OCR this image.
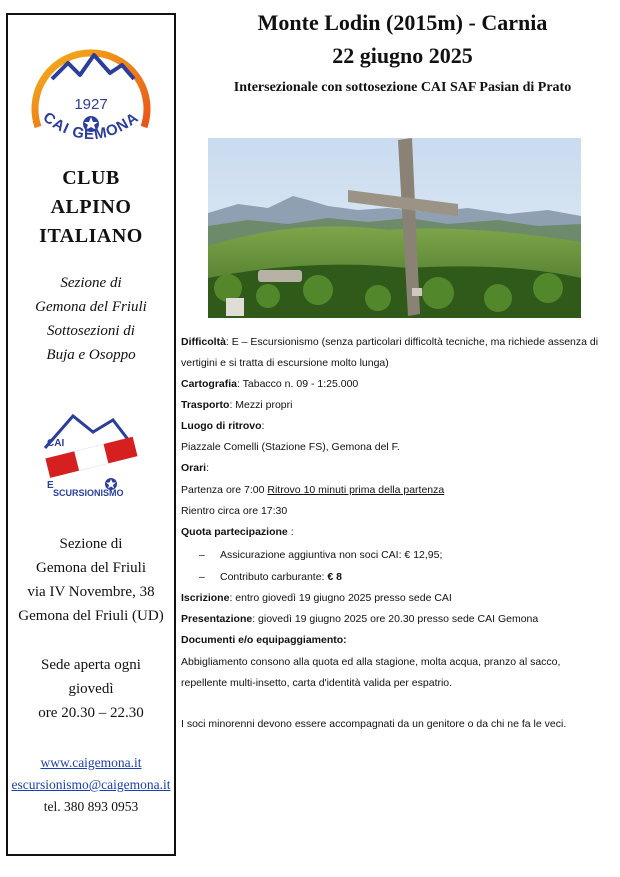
1927
CAI GEMONA
CLUB
ALPINO
ITALIANO
Sezione di
Gemona del Friuli
Sottosezioni di
Buja e Osoppo
CAI
E
SCURSIONISMO
Sezione di
Gemona del Friuli
via IV Novembre, 38
Gemona del Friuli (UD)
Sede aperta ogni
giovedì
ore 20.30 – 22.30
www.caigemona.it
escursionismo@caigemona.it
tel. 380 893 0953
Monte Lodin (2015m) - Carnia
22 giugno 2025
Intersezionale con sottosezione CAI SAF Pasian di Prato
Difficoltà: E – Escursionismo (senza particolari difficoltà tecniche, ma richiede assenza di
vertigini e si tratta di escursione molto lunga)
Cartografia: Tabacco n. 09 - 1:25.000
Trasporto: Mezzi propri
Luogo di ritrovo:
Piazzale Comelli (Stazione FS), Gemona del F.
Orari:
Partenza ore 7:00 Ritrovo 10 minuti prima della partenza
Rientro circa ore 17:30
Quota partecipazione :
– Assicurazione aggiuntiva non soci CAI: € 12,95;
– Contributo carburante: € 8
Iscrizione: entro giovedì 19 giugno 2025 presso sede CAI
Presentazione: giovedì 19 giugno 2025 ore 20.30 presso sede CAI Gemona
Documenti e/o equipaggiamento:
Abbigliamento consono alla quota ed alla stagione, molta acqua, pranzo al sacco,
repellente multi-insetto, carta d'identità valida per espatrio.
I soci minorenni devono essere accompagnati da un genitore o da chi ne fa le veci.
